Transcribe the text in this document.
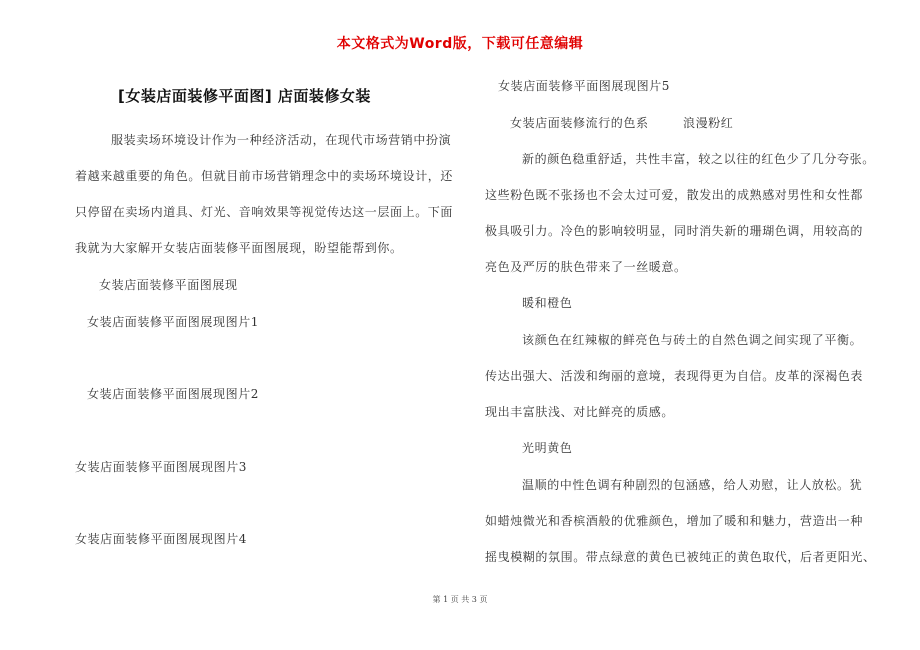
本文格式为Word版，下载可任意编辑
[女装店面装修平面图] 店面装修女装
服装卖场环境设计作为一种经济活动，在现代市场营销中扮演
着越来越重要的角色。但就目前市场营销理念中的卖场环境设计，还
只停留在卖场内道具、灯光、音响效果等视觉传达这一层面上。下面
我就为大家解开女装店面装修平面图展现，盼望能帮到你。
女装店面装修平面图展现
女装店面装修平面图展现图片1
女装店面装修平面图展现图片2
女装店面装修平面图展现图片3
女装店面装修平面图展现图片4
女装店面装修平面图展现图片5
女装店面装修流行的色系	浪漫粉红
新的颜色稳重舒适，共性丰富，较之以往的红色少了几分夸张。
这些粉色既不张扬也不会太过可爱，散发出的成熟感对男性和女性都
极具吸引力。冷色的影响较明显，同时消失新的珊瑚色调，用较高的
亮色及严厉的肤色带来了一丝暖意。
暖和橙色
该颜色在红辣椒的鲜亮色与砖土的自然色调之间实现了平衡。
传达出强大、活泼和绚丽的意境，表现得更为自信。皮革的深褐色表
现出丰富肤浅、对比鲜亮的质感。
光明黄色
温顺的中性色调有种剧烈的包涵感，给人劝慰，让人放松。犹
如蜡烛微光和香槟酒般的优雅颜色，增加了暖和和魅力，营造出一种
摇曳模糊的氛围。带点绿意的黄色已被纯正的黄色取代，后者更阳光、
第 1 页 共 3 页
